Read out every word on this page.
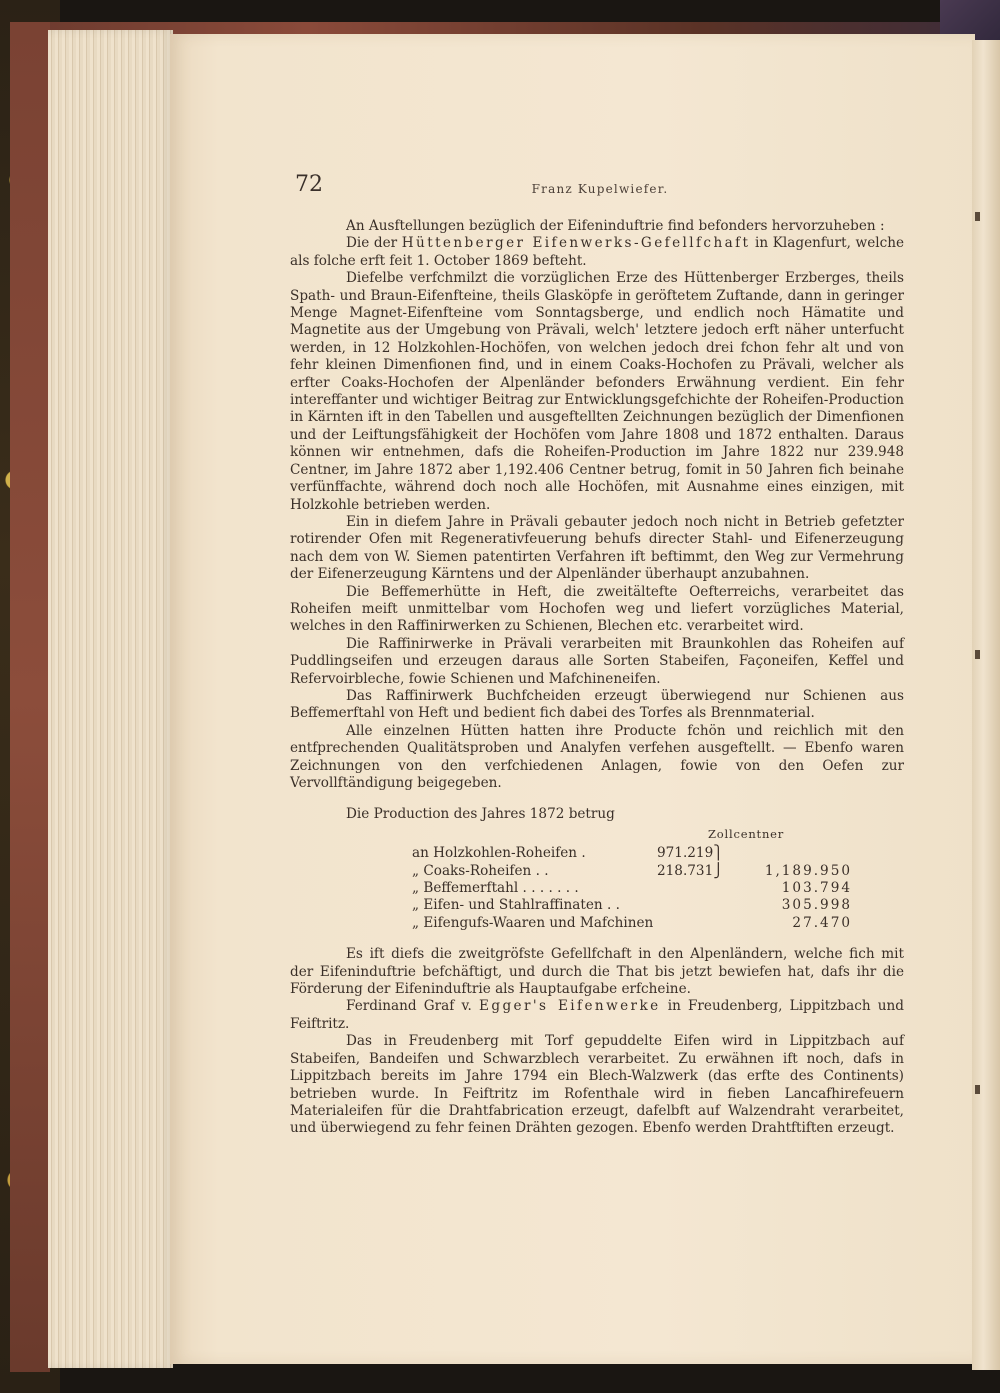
72	Franz Kupelwiefer.

An Ausftellungen bezüglich der Eifeninduftrie find befonders hervorzuheben :

Die der Hüttenberger Eifenwerks-Gefellfchaft in Klagenfurt, welche als folche erft feit 1. October 1869 befteht.

Diefelbe verfchmilzt die vorzüglichen Erze des Hüttenberger Erzberges, theils Spath- und Braun-Eifenfteine, theils Glasköpfe in geröftetem Zuftande, dann in geringer Menge Magnet-Eifenfteine vom Sonntagsberge, und endlich noch Hämatite und Magnetite aus der Umgebung von Prävali, welch' letztere jedoch erft näher unterfucht werden, in 12 Holzkohlen-Hochöfen, von welchen jedoch drei fchon fehr alt und von fehr kleinen Dimenfionen find, und in einem Coaks-Hochofen zu Prävali, welcher als erfter Coaks-Hochofen der Alpenländer befonders Erwähnung verdient. Ein fehr intereffanter und wichtiger Beitrag zur Entwicklungsgefchichte der Roheifen-Production in Kärnten ift in den Tabellen und ausgeftellten Zeichnungen bezüglich der Dimenfionen und der Leiftungsfähigkeit der Hochöfen vom Jahre 1808 und 1872 enthalten. Daraus können wir entnehmen, dafs die Roheifen-Production im Jahre 1822 nur 239.948 Centner, im Jahre 1872 aber 1,192.406 Centner betrug, fomit in 50 Jahren fich beinahe verfünffachte, während doch noch alle Hochöfen, mit Ausnahme eines einzigen, mit Holzkohle betrieben werden.

Ein in diefem Jahre in Prävali gebauter jedoch noch nicht in Betrieb gefetzter rotirender Ofen mit Regenerativfeuerung behufs directer Stahl- und Eifenerzeugung nach dem von W. Siemen patentirten Verfahren ift beftimmt, den Weg zur Vermehrung der Eifenerzeugung Kärntens und der Alpenländer überhaupt anzubahnen.

Die Beffemerhütte in Heft, die zweitältefte Oefterreichs, verarbeitet das Roheifen meift unmittelbar vom Hochofen weg und liefert vorzügliches Material, welches in den Raffinirwerken zu Schienen, Blechen etc. verarbeitet wird.

Die Raffinirwerke in Prävali verarbeiten mit Braunkohlen das Roheifen auf Puddlingseifen und erzeugen daraus alle Sorten Stabeifen, Façoneifen, Keffel und Refervoirbleche, fowie Schienen und Mafchineneifen.

Das Raffinirwerk Buchfcheiden erzeugt überwiegend nur Schienen aus Beffemerftahl von Heft und bedient fich dabei des Torfes als Brennmaterial.

Alle einzelnen Hütten hatten ihre Producte fchön und reichlich mit den entfprechenden Qualitätsproben und Analyfen verfehen ausgeftellt. — Ebenfo waren Zeichnungen von den verfchiedenen Anlagen, fowie von den Oefen zur Vervollftändigung beigegeben.

Die Production des Jahres 1872 betrug

Zollcentner
an Holzkohlen-Roheifen .	971.219⎫	
„ Coaks-Roheifen . .	218.731⎭	1,189.950
„ Beffemerftahl . . . . . . .		103.794
„ Eifen- und Stahlraffinaten . .		305.998
„ Eifengufs-Waaren und Mafchinen		27.470

Es ift diefs die zweitgröfste Gefellfchaft in den Alpenländern, welche fich mit der Eifeninduftrie befchäftigt, und durch die That bis jetzt bewiefen hat, dafs ihr die Förderung der Eifeninduftrie als Hauptaufgabe erfcheine.

Ferdinand Graf v. Egger's Eifenwerke in Freudenberg, Lippitzbach und Feiftritz.

Das in Freudenberg mit Torf gepuddelte Eifen wird in Lippitzbach auf Stabeifen, Bandeifen und Schwarzblech verarbeitet. Zu erwähnen ift noch, dafs in Lippitzbach bereits im Jahre 1794 ein Blech-Walzwerk (das erfte des Continents) betrieben wurde. In Feiftritz im Rofenthale wird in fieben Lancafhirefeuern Materialeifen für die Drahtfabrication erzeugt, dafelbft auf Walzendraht verarbeitet, und überwiegend zu fehr feinen Drähten gezogen. Ebenfo werden Drahtftiften erzeugt.
